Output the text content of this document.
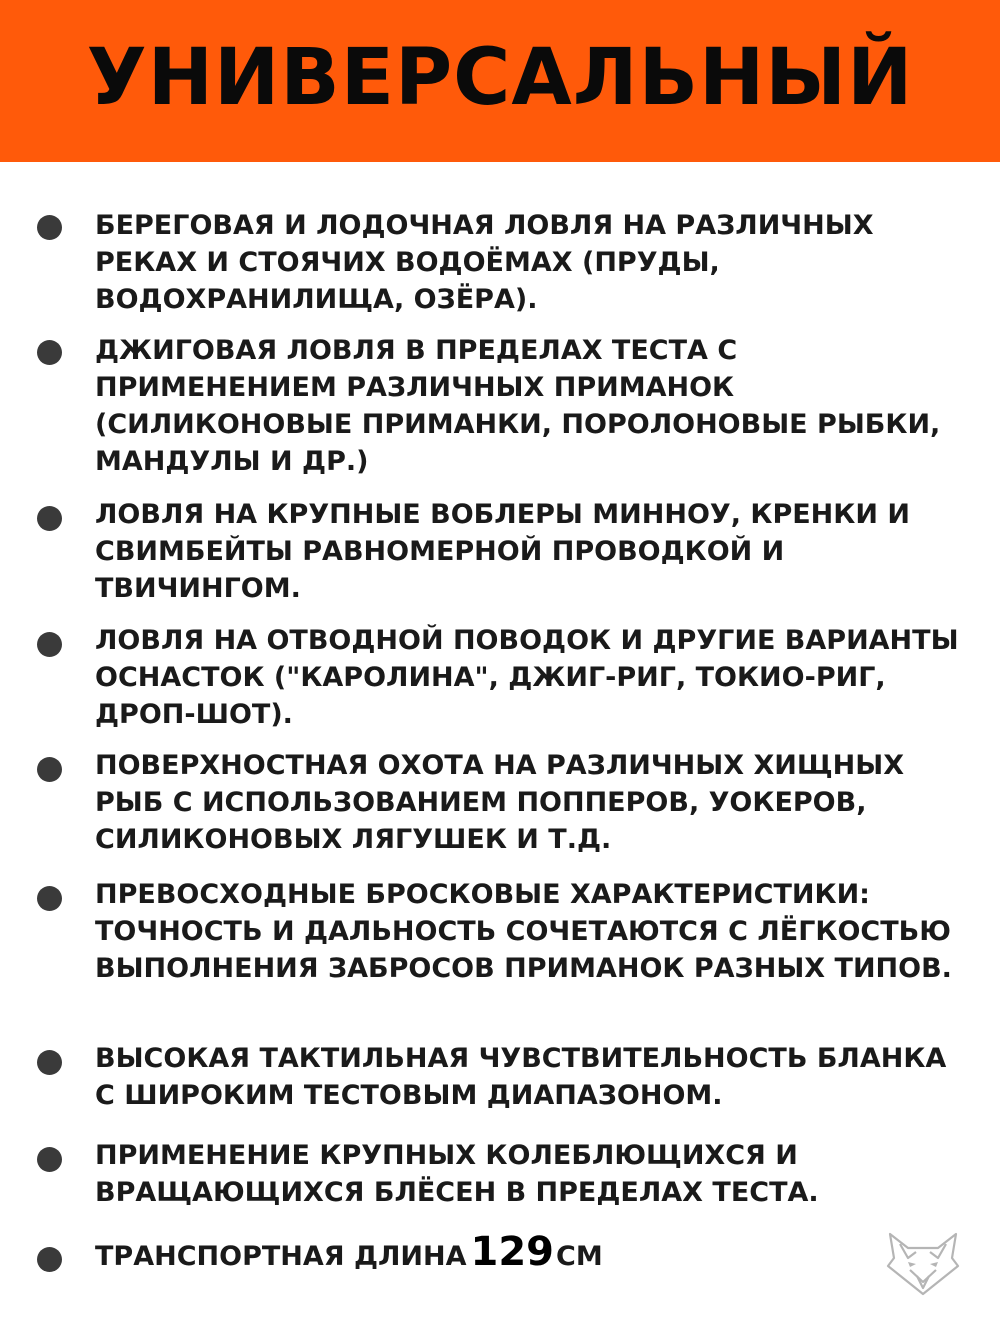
УНИВЕРСАЛЬНЫЙ
БЕРЕГОВАЯ И ЛОДОЧНАЯ ЛОВЛЯ НА РАЗЛИЧНЫХ РЕКАХ И СТОЯЧИХ ВОДОЁМАХ (ПРУДЫ, ВОДОХРАНИЛИЩА, ОЗЁРА).
ДЖИГОВАЯ ЛОВЛЯ В ПРЕДЕЛАХ ТЕСТА С ПРИМЕНЕНИЕМ РАЗЛИЧНЫХ ПРИМАНОК (СИЛИКОНОВЫЕ ПРИМАНКИ, ПОРОЛОНОВЫЕ РЫБКИ, МАНДУЛЫ И ДР.)
ЛОВЛЯ НА КРУПНЫЕ ВОБЛЕРЫ МИННОУ, КРЕНКИ И СВИМБЕЙТЫ РАВНОМЕРНОЙ ПРОВОДКОЙ И ТВИЧИНГОМ.
ЛОВЛЯ НА ОТВОДНОЙ ПОВОДОК И ДРУГИЕ ВАРИАНТЫ ОСНАСТОК ("КАРОЛИНА", ДЖИГ-РИГ, ТОКИО-РИГ, ДРОП-ШОТ).
ПОВЕРХНОСТНАЯ ОХОТА НА РАЗЛИЧНЫХ ХИЩНЫХ РЫБ С ИСПОЛЬЗОВАНИЕМ ПОППЕРОВ, УОКЕРОВ, СИЛИКОНОВЫХ ЛЯГУШЕК И Т.Д.
ПРЕВОСХОДНЫЕ БРОСКОВЫЕ ХАРАКТЕРИСТИКИ: ТОЧНОСТЬ И ДАЛЬНОСТЬ СОЧЕТАЮТСЯ С ЛЁГКОСТЬЮ ВЫПОЛНЕНИЯ ЗАБРОСОВ ПРИМАНОК РАЗНЫХ ТИПОВ.
ВЫСОКАЯ ТАКТИЛЬНАЯ ЧУВСТВИТЕЛЬНОСТЬ БЛАНКА С ШИРОКИМ ТЕСТОВЫМ ДИАПАЗОНОМ.
ПРИМЕНЕНИЕ КРУПНЫХ КОЛЕБЛЮЩИХСЯ И ВРАЩАЮЩИХСЯ БЛЁСЕН В ПРЕДЕЛАХ ТЕСТА.
ТРАНСПОРТНАЯ ДЛИНА 129СМ
